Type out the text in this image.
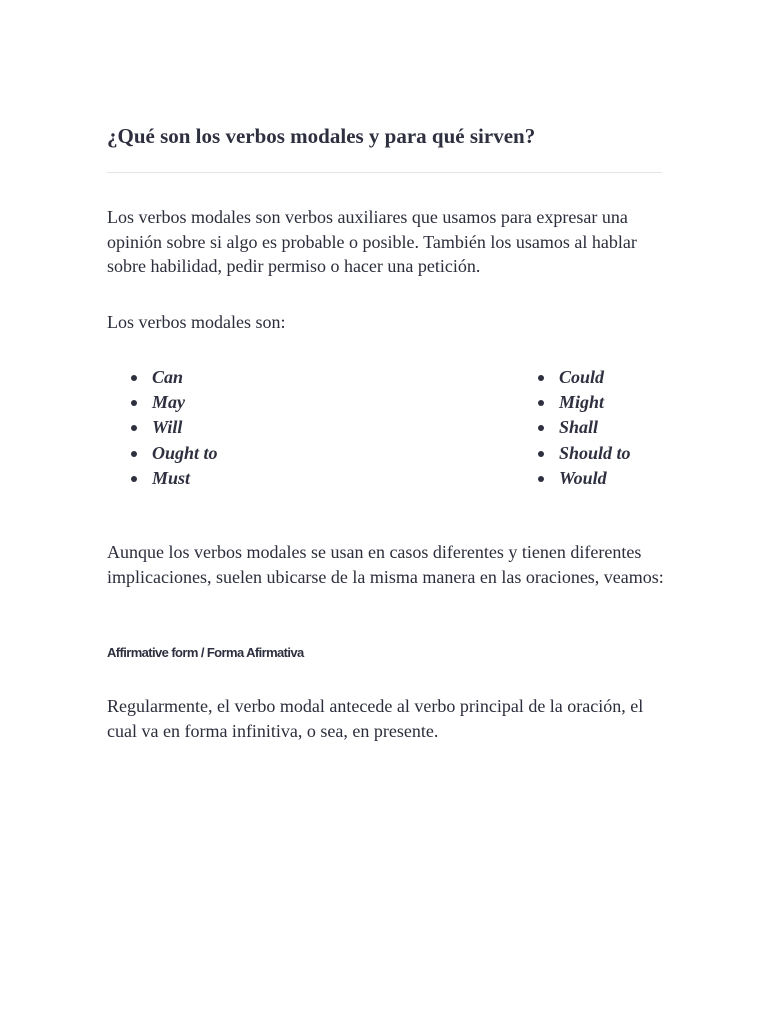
¿Qué son los verbos modales y para qué sirven?

Los verbos modales son verbos auxiliares que usamos para expresar una opinión sobre si algo es probable o posible. También los usamos al hablar sobre habilidad, pedir permiso o hacer una petición.

Los verbos modales son:

Can
May
Will
Ought to
Must
Could
Might
Shall
Should to
Would

Aunque los verbos modales se usan en casos diferentes y tienen diferentes implicaciones, suelen ubicarse de la misma manera en las oraciones, veamos:

Affirmative form / Forma Afirmativa

Regularmente, el verbo modal antecede al verbo principal de la oración, el cual va en forma infinitiva, o sea, en presente.
